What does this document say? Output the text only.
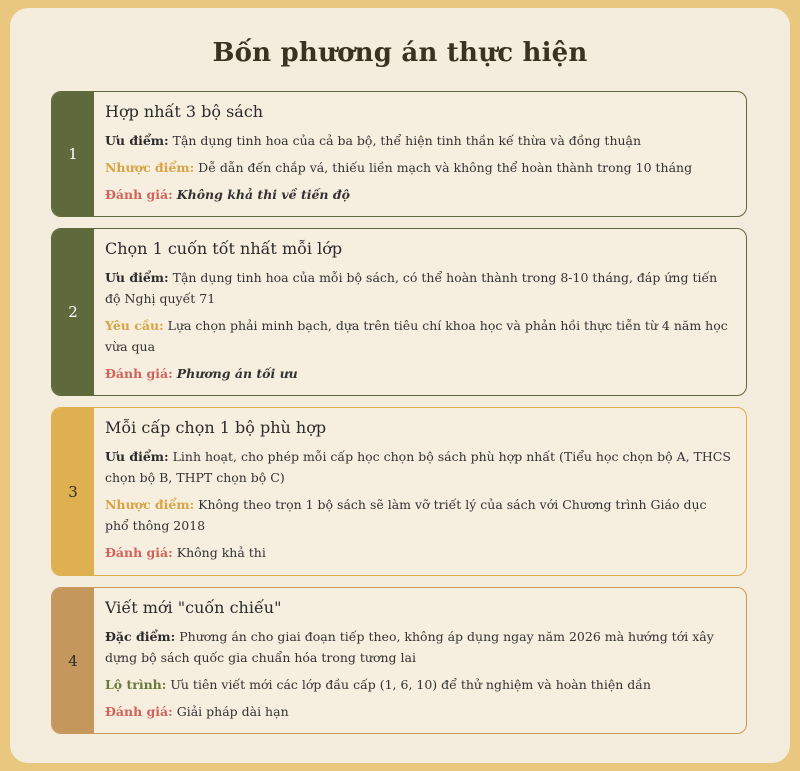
Bốn phương án thực hiện
1
Hợp nhất 3 bộ sách
Ưu điểm: Tận dụng tinh hoa của cả ba bộ, thể hiện tinh thần kế thừa và đồng thuận
Nhược điểm: Dễ dẫn đến chắp vá, thiếu liền mạch và không thể hoàn thành trong 10 tháng
Đánh giá: Không khả thi về tiến độ
2
Chọn 1 cuốn tốt nhất mỗi lớp
Ưu điểm: Tận dụng tinh hoa của mỗi bộ sách, có thể hoàn thành trong 8-10 tháng, đáp ứng tiến độ Nghị quyết 71
Yêu cầu: Lựa chọn phải minh bạch, dựa trên tiêu chí khoa học và phản hồi thực tiễn từ 4 năm học vừa qua
Đánh giá: Phương án tối ưu
3
Mỗi cấp chọn 1 bộ phù hợp
Ưu điểm: Linh hoạt, cho phép mỗi cấp học chọn bộ sách phù hợp nhất (Tiểu học chọn bộ A, THCS chọn bộ B, THPT chọn bộ C)
Nhược điểm: Không theo trọn 1 bộ sách sẽ làm vỡ triết lý của sách với Chương trình Giáo dục phổ thông 2018
Đánh giá: Không khả thi
4
Viết mới "cuốn chiếu"
Đặc điểm: Phương án cho giai đoạn tiếp theo, không áp dụng ngay năm 2026 mà hướng tới xây dựng bộ sách quốc gia chuẩn hóa trong tương lai
Lộ trình: Ưu tiên viết mới các lớp đầu cấp (1, 6, 10) để thử nghiệm và hoàn thiện dần
Đánh giá: Giải pháp dài hạn
